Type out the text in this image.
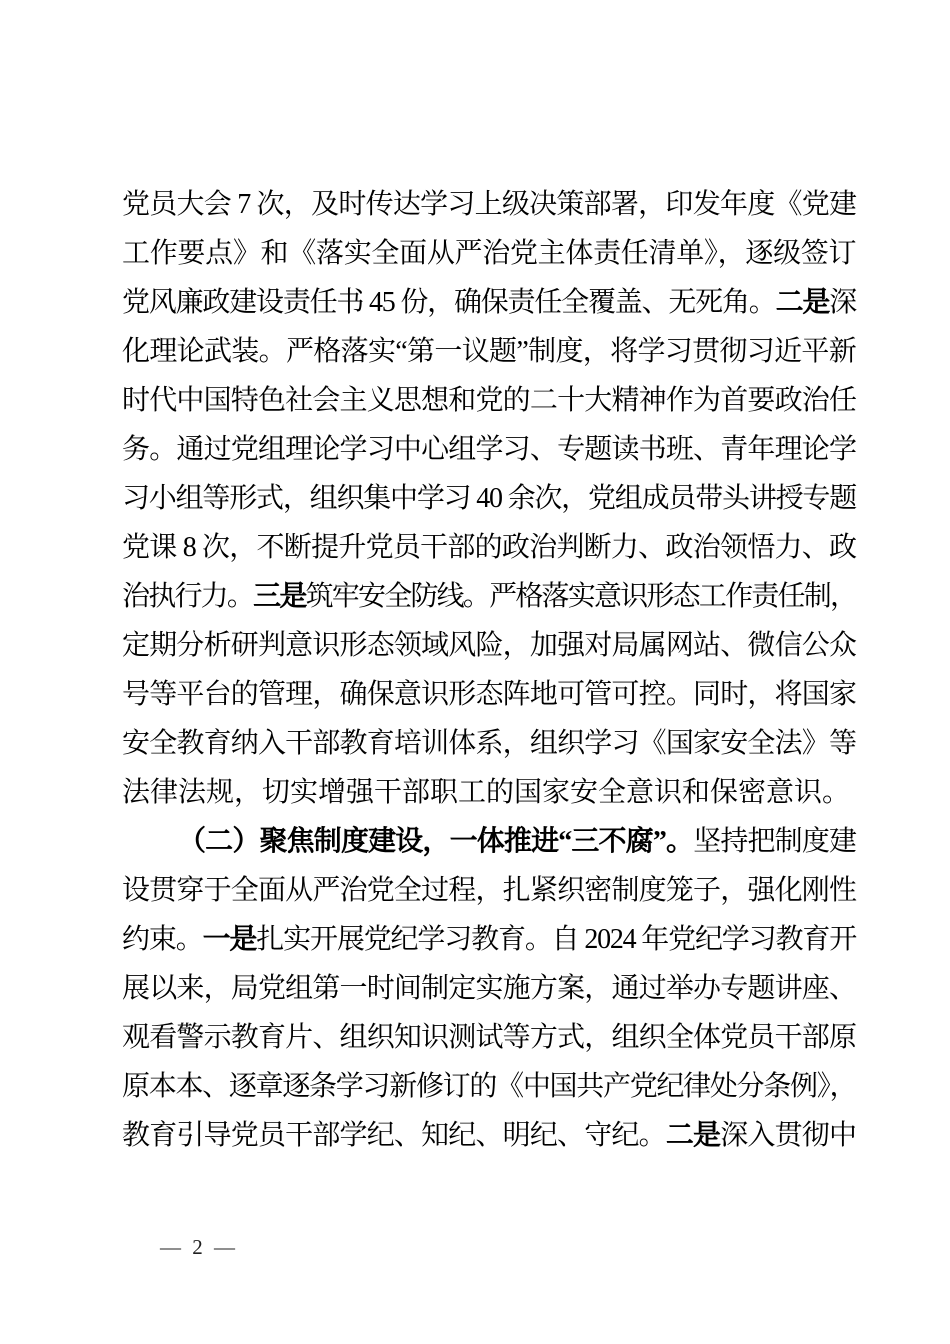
党员大会 7 次，及时传达学习上级决策部署，印发年度《党建
工作要点》和《落实全面从严治党主体责任清单》，逐级签订
党风廉政建设责任书 45 份，确保责任全覆盖、无死角。二是深
化理论武装。严格落实“第一议题”制度，将学习贯彻习近平新
时代中国特色社会主义思想和党的二十大精神作为首要政治任
务。通过党组理论学习中心组学习、专题读书班、青年理论学
习小组等形式，组织集中学习 40 余次，党组成员带头讲授专题
党课 8 次，不断提升党员干部的政治判断力、政治领悟力、政
治执行力。三是筑牢安全防线。严格落实意识形态工作责任制，
定期分析研判意识形态领域风险，加强对局属网站、微信公众
号等平台的管理，确保意识形态阵地可管可控。同时，将国家
安全教育纳入干部教育培训体系，组织学习《国家安全法》等
法律法规，切实增强干部职工的国家安全意识和保密意识。
（二）聚焦制度建设，一体推进“三不腐”。坚持把制度建
设贯穿于全面从严治党全过程，扎紧织密制度笼子，强化刚性
约束。一是扎实开展党纪学习教育。自 2024 年党纪学习教育开
展以来，局党组第一时间制定实施方案，通过举办专题讲座、
观看警示教育片、组织知识测试等方式，组织全体党员干部原
原本本、逐章逐条学习新修订的《中国共产党纪律处分条例》，
教育引导党员干部学纪、知纪、明纪、守纪。二是深入贯彻中
— 2 —
